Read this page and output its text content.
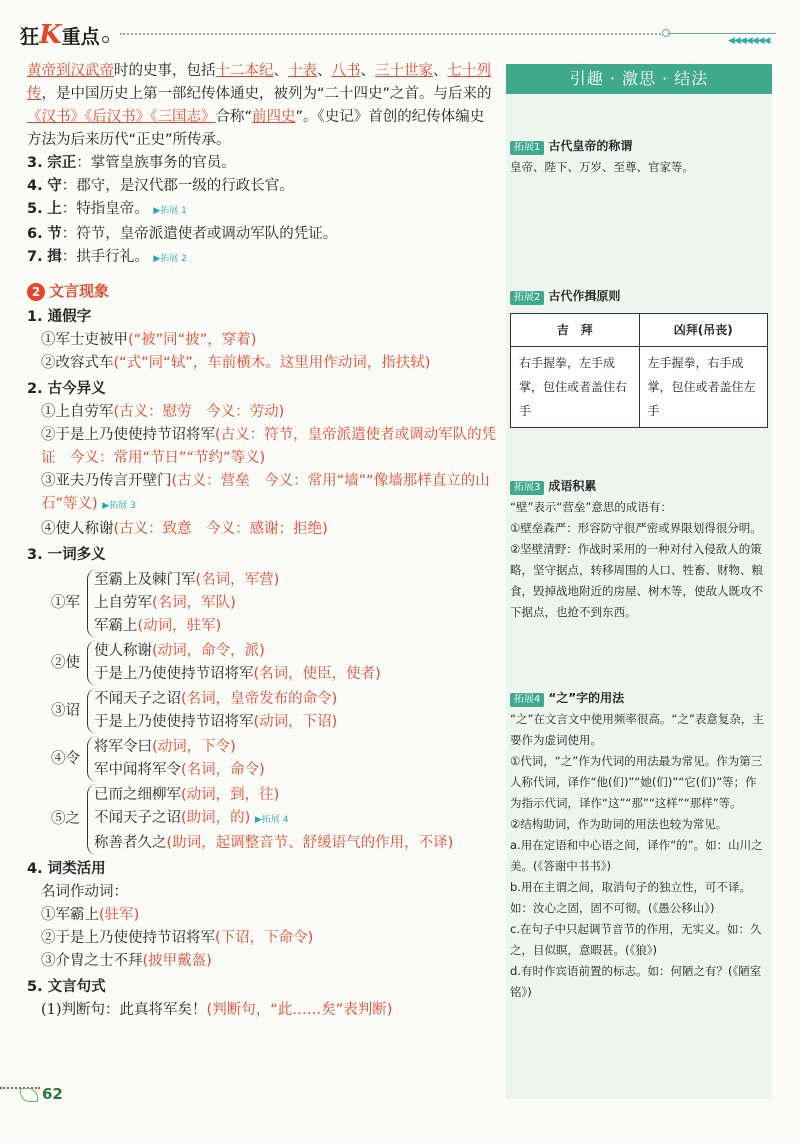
狂K重点	◀◀◀◀◀◀◀

黄帝到汉武帝时的史事，包括十二本纪、十表、八书、三十世家、七十列传，是中国历史上第一部纪传体通史，被列为“二十四史”之首。与后来的《汉书》《后汉书》《三国志》合称“前四史”。《史记》首创的纪传体编史方法为后来历代“正史”所传承。

3. 宗正：掌管皇族事务的官员。
4. 守：郡守，是汉代郡一级的行政长官。
5. 上：特指皇帝。 ▶拓展 1
6. 节：符节，皇帝派遣使者或调动军队的凭证。
7. 揖：拱手行礼。 ▶拓展 2
2 文言现象
1. 通假字
①军士吏被甲(“被”同“披”，穿着)
②改容式车(“式”同“轼”，车前横木。这里用作动词，指扶轼)
2. 古今异义
①上自劳军(古义：慰劳　今义：劳动)
②于是上乃使使持节诏将军(古义：符节，皇帝派遣使者或调动军队的凭证　今义：常用“节日”“节约”等义)
③亚夫乃传言开壁门(古义：营垒　今义：常用“墙”“像墙那样直立的山石”等义) ▶拓展 3
④使人称谢(古义：致意　今义：感谢；拒绝)
3. 一词多义
①军
至霸上及棘门军(名词，军营)
上自劳军(名词，军队)
军霸上(动词，驻军)
②使
使人称谢(动词，命令，派)
于是上乃使使持节诏将军(名词，使臣，使者)
③诏
不闻天子之诏(名词，皇帝发布的命令)
于是上乃使使持节诏将军(动词，下诏)
④令
将军令曰(动词，下令)
军中闻将军令(名词，命令)
⑤之
已而之细柳军(动词，到，往)
不闻天子之诏(助词，的) ▶拓展 4
称善者久之(助词，起调整音节、舒缓语气的作用，不译)
4. 词类活用
名词作动词：
①军霸上(驻军)
②于是上乃使使持节诏将军(下诏，下命令)
③介胄之士不拜(披甲戴盔)
5. 文言句式
(1)判断句：此真将军矣！(判断句，“此……矣”表判断)
引趣 · 激思 · 结法
拓展1 古代皇帝的称谓
皇帝、陛下、万岁、至尊、官家等。
拓展2 古代作揖原则
吉　拜	凶拜(吊丧)
右手握拳，左手成掌，包住或者盖住右手	左手握拳，右手成掌，包住或者盖住左手
拓展3 成语积累
“壁”表示“营垒”意思的成语有：
①壁垒森严：形容防守很严密或界限划得很分明。
②坚壁清野：作战时采用的一种对付入侵敌人的策略，坚守据点，转移周围的人口、牲畜、财物、粮食，毁掉战地附近的房屋、树木等，使敌人既攻不下据点，也抢不到东西。
拓展4 “之”字的用法
“之”在文言文中使用频率很高。“之”表意复杂，主要作为虚词使用。
①代词，“之”作为代词的用法最为常见。作为第三人称代词，译作“他(们)”“她(们)”“它(们)”等；作为指示代词，译作“这”“那”“这样”“那样”等。
②结构助词，作为助词的用法也较为常见。
a.用在定语和中心语之间，译作“的”。如：山川之美。(《答谢中书书》)
b.用在主谓之间，取消句子的独立性，可不译。如：汝心之固，固不可彻。(《愚公移山》)
c.在句子中只起调节音节的作用，无实义。如：久之，目似瞑，意暇甚。(《狼》)
d.有时作宾语前置的标志。如：何陋之有？(《陋室铭》)
62
